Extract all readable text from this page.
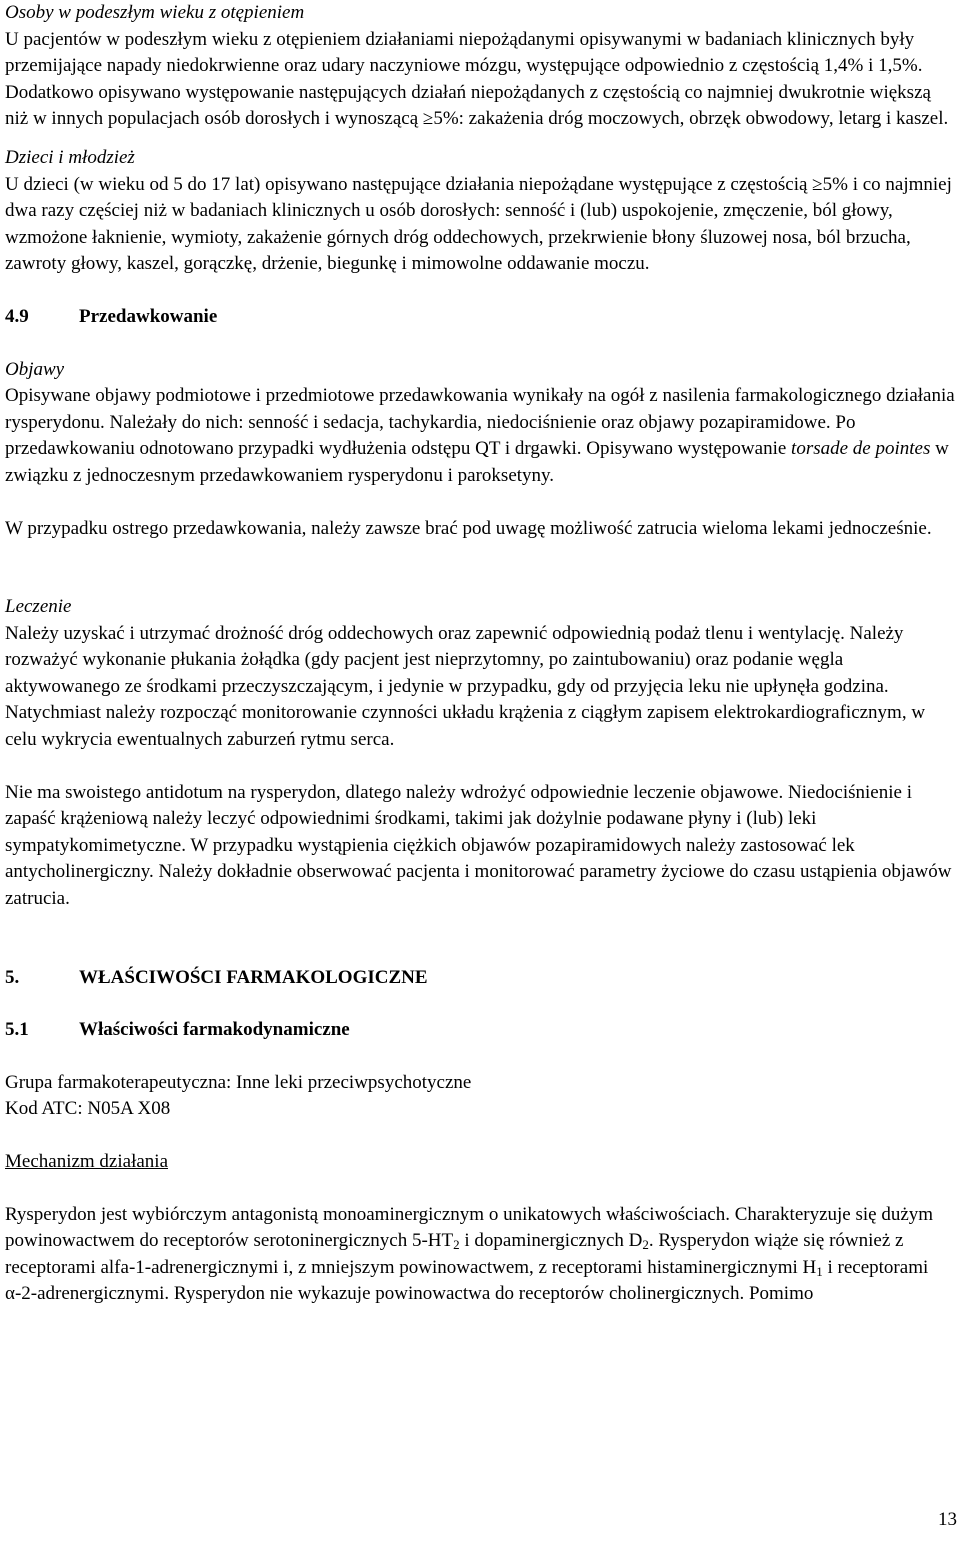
Osoby w podeszłym wieku z otępieniem

U pacjentów w podeszłym wieku z otępieniem działaniami niepożądanymi opisywanymi w badaniach klinicznych były przemijające napady niedokrwienne oraz udary naczyniowe mózgu, występujące odpowiednio z częstością 1,4% i 1,5%. Dodatkowo opisywano występowanie następujących działań niepożądanych z częstością co najmniej dwukrotnie większą niż w innych populacjach osób dorosłych i wynoszącą ≥5%: zakażenia dróg moczowych, obrzęk obwodowy, letarg i kaszel.

Dzieci i młodzież

U dzieci (w wieku od 5 do 17 lat) opisywano następujące działania niepożądane występujące z częstością ≥5% i co najmniej dwa razy częściej niż w badaniach klinicznych u osób dorosłych: senność i (lub) uspokojenie, zmęczenie, ból głowy, wzmożone łaknienie, wymioty, zakażenie górnych dróg oddechowych, przekrwienie błony śluzowej nosa, ból brzucha, zawroty głowy, kaszel, gorączkę, drżenie, biegunkę i mimowolne oddawanie moczu.

4.9	Przedawkowanie

Objawy

Opisywane objawy podmiotowe i przedmiotowe przedawkowania wynikały na ogół z nasilenia farmakologicznego działania rysperydonu. Należały do nich: senność i sedacja, tachykardia, niedociśnienie oraz objawy pozapiramidowe. Po przedawkowaniu odnotowano przypadki wydłużenia odstępu QT i drgawki. Opisywano występowanie torsade de pointes w związku z jednoczesnym przedawkowaniem rysperydonu i paroksetyny.

W przypadku ostrego przedawkowania, należy zawsze brać pod uwagę możliwość zatrucia wieloma lekami jednocześnie.

Leczenie

Należy uzyskać i utrzymać drożność dróg oddechowych oraz zapewnić odpowiednią podaż tlenu i wentylację. Należy rozważyć wykonanie płukania żołądka (gdy pacjent jest nieprzytomny, po zaintubowaniu) oraz podanie węgla aktywowanego ze środkami przeczyszczającym, i jedynie w przypadku, gdy od przyjęcia leku nie upłynęła godzina. Natychmiast należy rozpocząć monitorowanie czynności układu krążenia z ciągłym zapisem elektrokardiograficznym, w celu wykrycia ewentualnych zaburzeń rytmu serca.

Nie ma swoistego antidotum na rysperydon, dlatego należy wdrożyć odpowiednie leczenie objawowe. Niedociśnienie i zapaść krążeniową należy leczyć odpowiednimi środkami, takimi jak dożylnie podawane płyny i (lub) leki sympatykomimetyczne. W przypadku wystąpienia ciężkich objawów pozapiramidowych należy zastosować lek antycholinergiczny. Należy dokładnie obserwować pacjenta i monitorować parametry życiowe do czasu ustąpienia objawów zatrucia.

5.	WŁAŚCIWOŚCI FARMAKOLOGICZNE

5.1	Właściwości farmakodynamiczne

Grupa farmakoterapeutyczna: Inne leki przeciwpsychotyczne

Kod ATC: N05A X08

Mechanizm działania

Rysperydon jest wybiórczym antagonistą monoaminergicznym o unikatowych właściwościach. Charakteryzuje się dużym powinowactwem do receptorów serotoninergicznych $5-HT_2$ i dopaminergicznych $D_2$. Rysperydon wiąże się również z receptorami alfa-1-adrenergicznymi i, z mniejszym powinowactwem, z receptorami histaminergicznymi $H_1$ i receptorami α-2-adrenergicznymi. Rysperydon nie wykazuje powinowactwa do receptorów cholinergicznych. Pomimo

13
